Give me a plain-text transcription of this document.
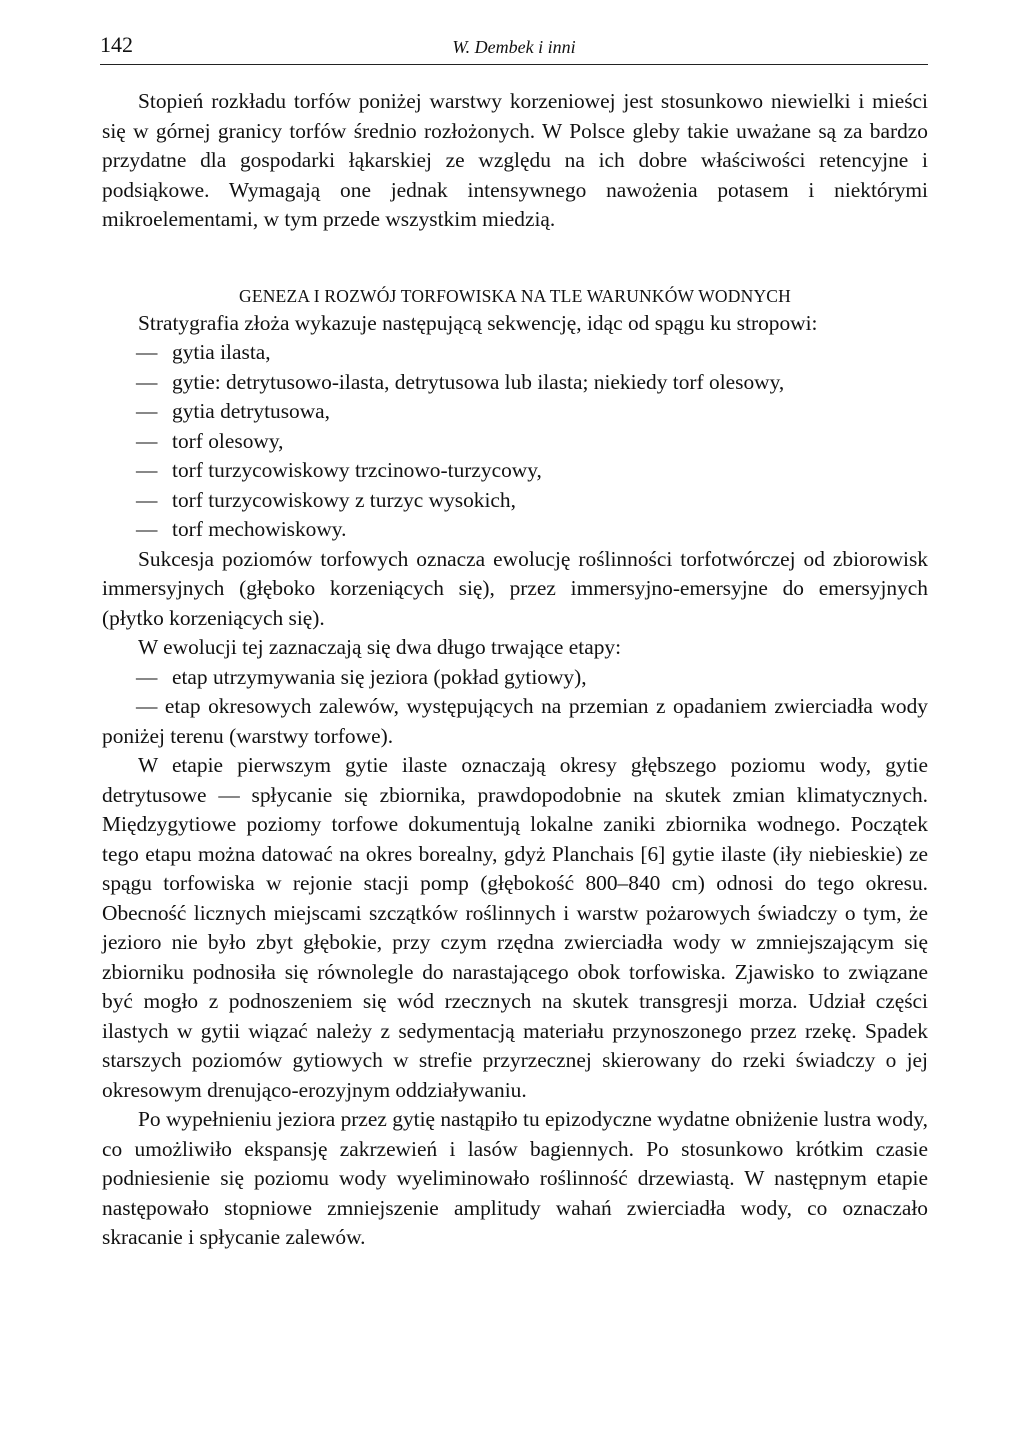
142	W. Dembek i inni

Stopień rozkładu torfów poniżej warstwy korzeniowej jest stosunkowo niewielki i mieści się w górnej granicy torfów średnio rozłożonych. W Polsce gleby takie uważane są za bardzo przydatne dla gospodarki łąkarskiej ze względu na ich dobre właściwości retencyjne i podsiąkowe. Wymagają one jednak intensywnego nawożenia potasem i niektórymi mikroelementami, w tym przede wszystkim miedzią.

GENEZA I ROZWÓJ TORFOWISKA NA TLE WARUNKÓW WODNYCH

Stratygrafia złoża wykazuje następującą sekwencję, idąc od spągu ku stropowi:

— gytia ilasta,

— gytie: detrytusowo-ilasta, detrytusowa lub ilasta; niekiedy torf olesowy,

— gytia detrytusowa,

— torf olesowy,

— torf turzycowiskowy trzcinowo-turzycowy,

— torf turzycowiskowy z turzyc wysokich,

— torf mechowiskowy.

Sukcesja poziomów torfowych oznacza ewolucję roślinności torfotwórczej od zbiorowisk immersyjnych (głęboko korzeniących się), przez immersyjno-emersyjne do emersyjnych (płytko korzeniących się).

W ewolucji tej zaznaczają się dwa długo trwające etapy:

— etap utrzymywania się jeziora (pokład gytiowy),

— etap okresowych zalewów, występujących na przemian z opadaniem zwierciadła wody poniżej terenu (warstwy torfowe).

W etapie pierwszym gytie ilaste oznaczają okresy głębszego poziomu wody, gytie detrytusowe — spłycanie się zbiornika, prawdopodobnie na skutek zmian klimatycznych. Międzygytiowe poziomy torfowe dokumentują lokalne zaniki zbiornika wodnego. Początek tego etapu można datować na okres borealny, gdyż Planchais [6] gytie ilaste (iły niebieskie) ze spągu torfowiska w rejonie stacji pomp (głębokość 800–840 cm) odnosi do tego okresu. Obecność licznych miejscami szczątków roślinnych i warstw pożarowych świadczy o tym, że jezioro nie było zbyt głębokie, przy czym rzędna zwierciadła wody w zmniejszającym się zbiorniku podnosiła się równolegle do narastającego obok torfowiska. Zjawisko to związane być mogło z podnoszeniem się wód rzecznych na skutek transgresji morza. Udział części ilastych w gytii wiązać należy z sedymentacją materiału przynoszonego przez rzekę. Spadek starszych poziomów gytiowych w strefie przyrzecznej skierowany do rzeki świadczy o jej okresowym drenująco-erozyjnym oddziaływaniu.

Po wypełnieniu jeziora przez gytię nastąpiło tu epizodyczne wydatne obniżenie lustra wody, co umożliwiło ekspansję zakrzewień i lasów bagiennych. Po stosunkowo krótkim czasie podniesienie się poziomu wody wyeliminowało roślinność drzewiastą. W następnym etapie następowało stopniowe zmniejszenie amplitudy wahań zwierciadła wody, co oznaczało skracanie i spłycanie zalewów.
